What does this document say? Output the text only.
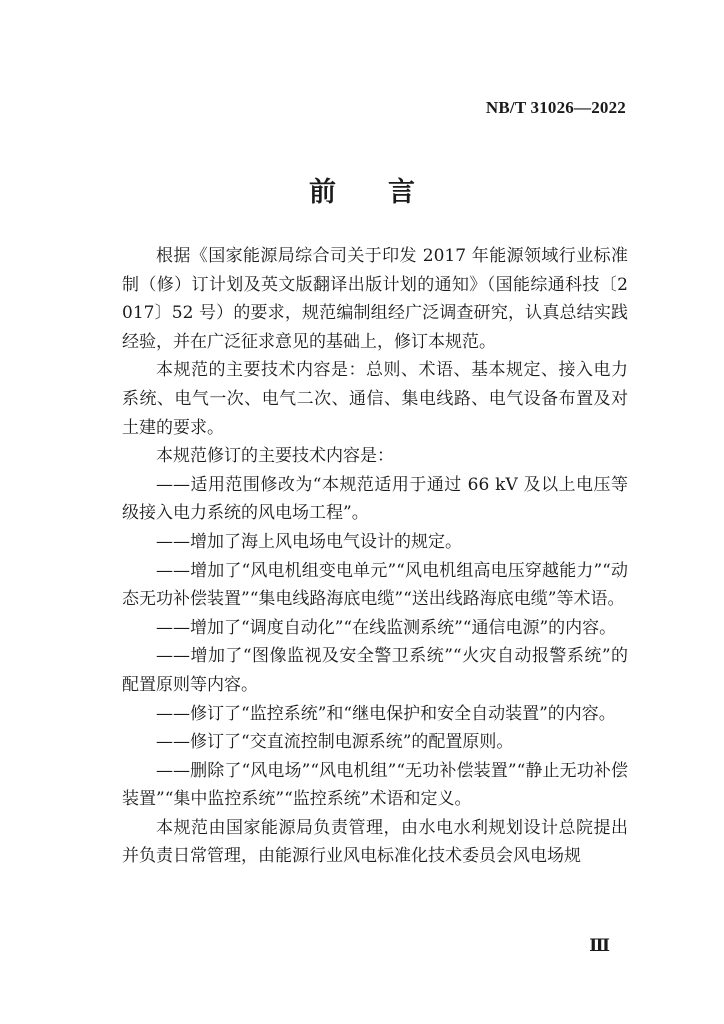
NB/T 31026—2022
前言

根据《国家能源局综合司关于印发 2017 年能源领域行业标准制（修）订计划及英文版翻译出版计划的通知》（国能综通科技〔2017〕52 号）的要求，规范编制组经广泛调查研究，认真总结实践经验，并在广泛征求意见的基础上，修订本规范。

本规范的主要技术内容是：总则、术语、基本规定、接入电力系统、电气一次、电气二次、通信、集电线路、电气设备布置及对土建的要求。

本规范修订的主要技术内容是：

——适用范围修改为“本规范适用于通过 66 kV 及以上电压等级接入电力系统的风电场工程”。

——增加了海上风电场电气设计的规定。

——增加了“风电机组变电单元”“风电机组高电压穿越能力”“动态无功补偿装置”“集电线路海底电缆”“送出线路海底电缆”等术语。

——增加了“调度自动化”“在线监测系统”“通信电源”的内容。

——增加了“图像监视及安全警卫系统”“火灾自动报警系统”的配置原则等内容。

——修订了“监控系统”和“继电保护和安全自动装置”的内容。

——修订了“交直流控制电源系统”的配置原则。

——删除了“风电场”“风电机组”“无功补偿装置”“静止无功补偿装置”“集中监控系统”“监控系统”术语和定义。

本规范由国家能源局负责管理，由水电水利规划设计总院提出并负责日常管理，由能源行业风电标准化技术委员会风电场规

Ⅲ
